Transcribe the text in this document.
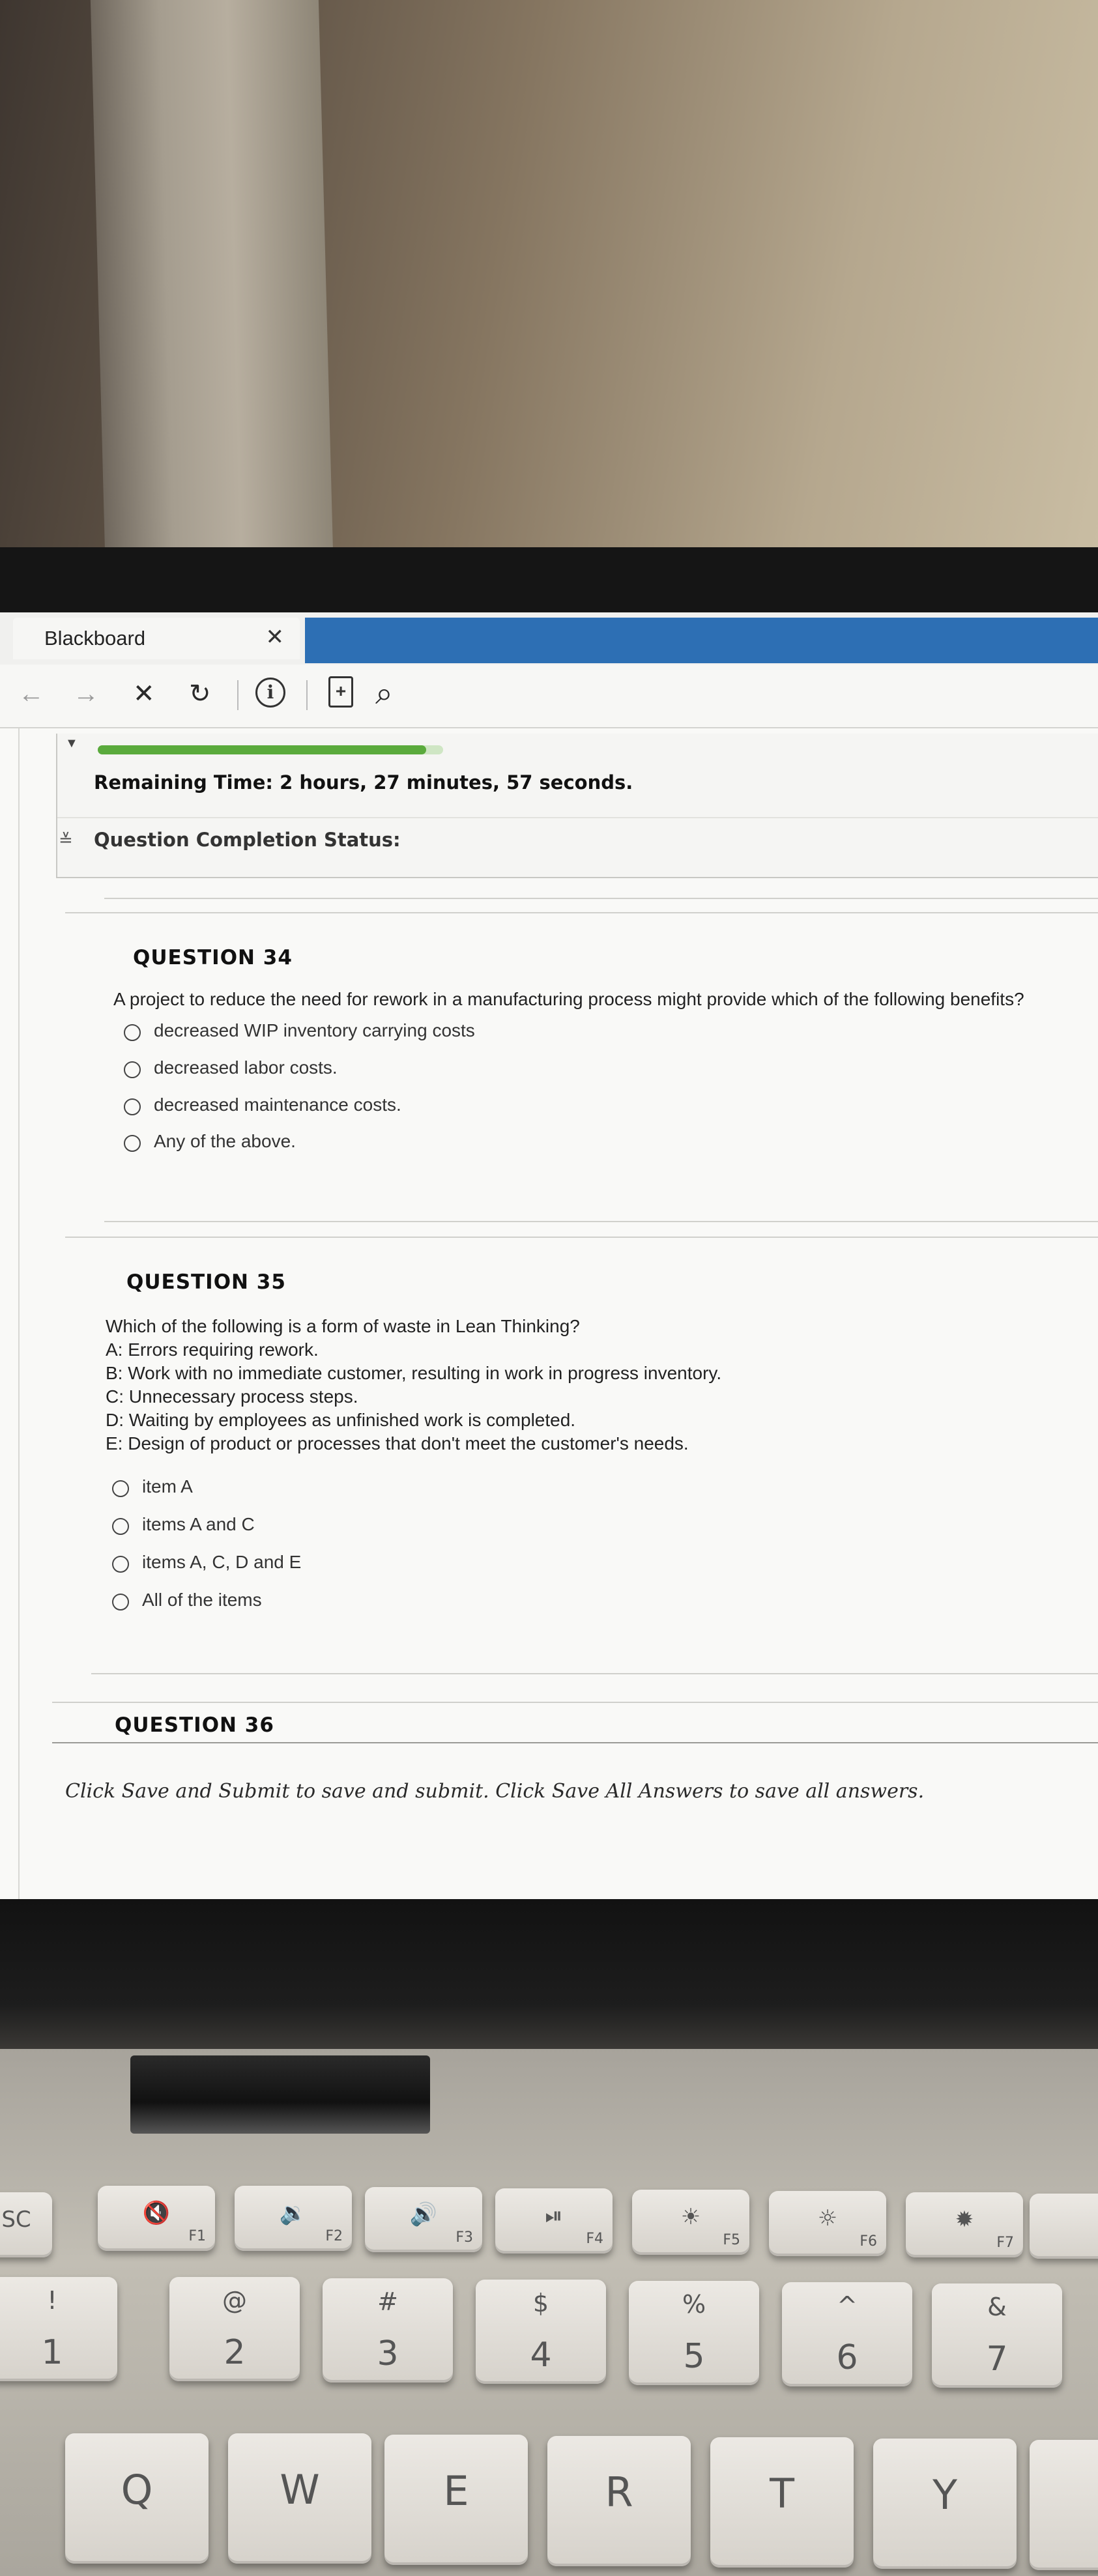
Blackboard	✕
← → ✕ ↻	i	+ ⌕
▼
Remaining Time: 2 hours, 27 minutes, 57 seconds.
≚ Question Completion Status:
QUESTION 34
A project to reduce the need for rework in a manufacturing process might provide which of the following benefits?
decreased WIP inventory carrying costs
decreased labor costs.
decreased maintenance costs.
Any of the above.
QUESTION 35
Which of the following is a form of waste in Lean Thinking?
A: Errors requiring rework.
B: Work with no immediate customer, resulting in work in progress inventory.
C: Unnecessary process steps.
D: Waiting by employees as unfinished work is completed.
E: Design of product or processes that don't meet the customer's needs.
item A
items A and C
items A, C, D and E
All of the items
QUESTION 36
Click Save and Submit to save and submit. Click Save All Answers to save all answers.
SC	🔇
F1
🔉
F2
🔊
F3
⏯
F4
☀
F5
☼
F6
✹
F7
!
1
@
2
#
3
$
4
%
5
^
6
&
7
Q	W	E	R	T	Y
